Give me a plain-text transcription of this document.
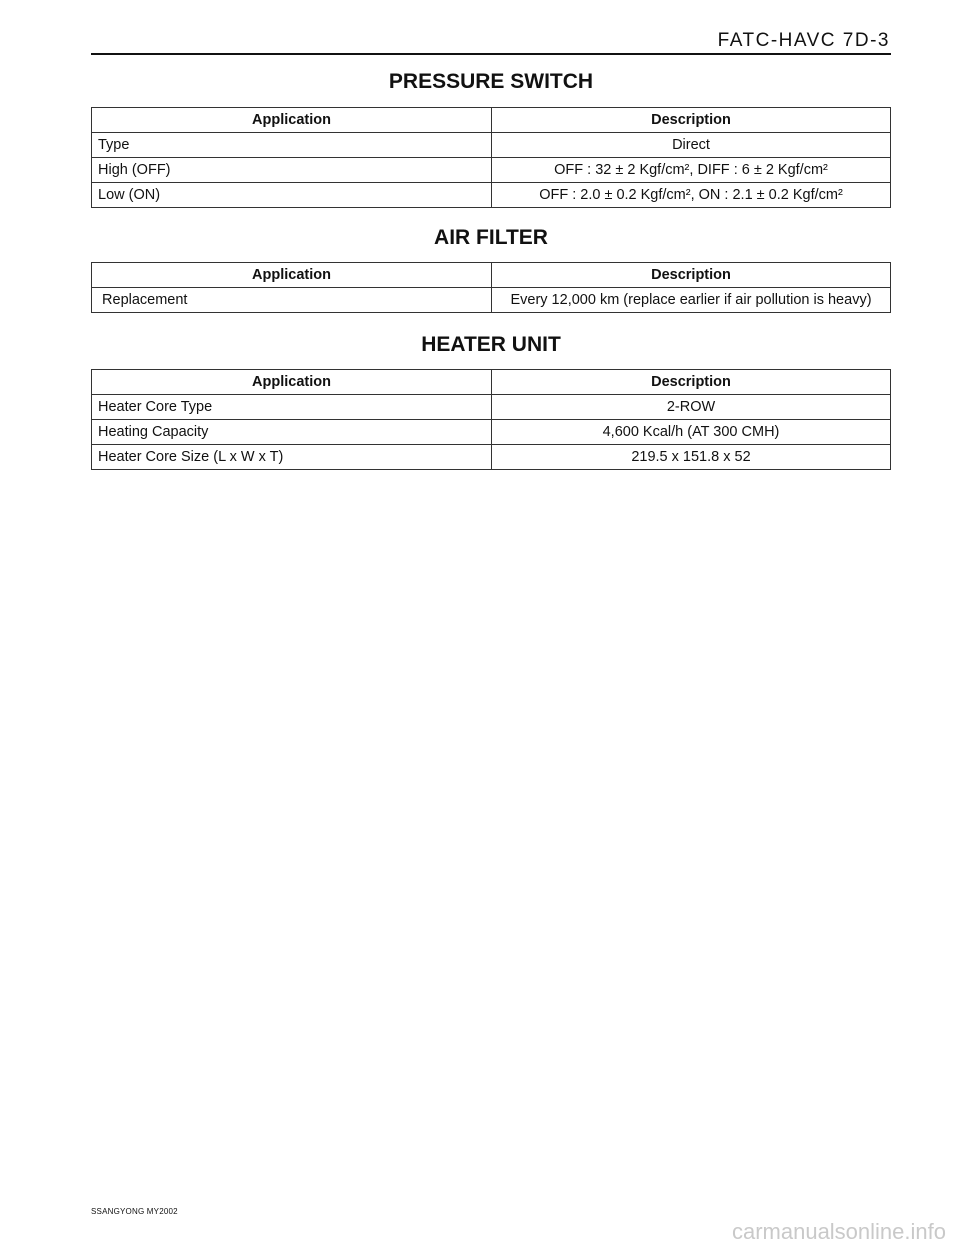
FATC-HAVC 7D-3
PRESSURE SWITCH
Application	Description
Type	Direct
High (OFF)	OFF : 32 ± 2 Kgf/cm², DIFF : 6 ± 2 Kgf/cm²
Low (ON)	OFF : 2.0 ± 0.2 Kgf/cm², ON : 2.1 ± 0.2 Kgf/cm²
AIR FILTER
Application	Description
Replacement	Every 12,000 km (replace earlier if air pollution is heavy)
HEATER UNIT
Application	Description
Heater Core Type	2-ROW
Heating Capacity	4,600 Kcal/h (AT 300 CMH)
Heater Core Size (L x W x T)	219.5 x 151.8 x 52
SSANGYONG MY2002
carmanualsonline.info
